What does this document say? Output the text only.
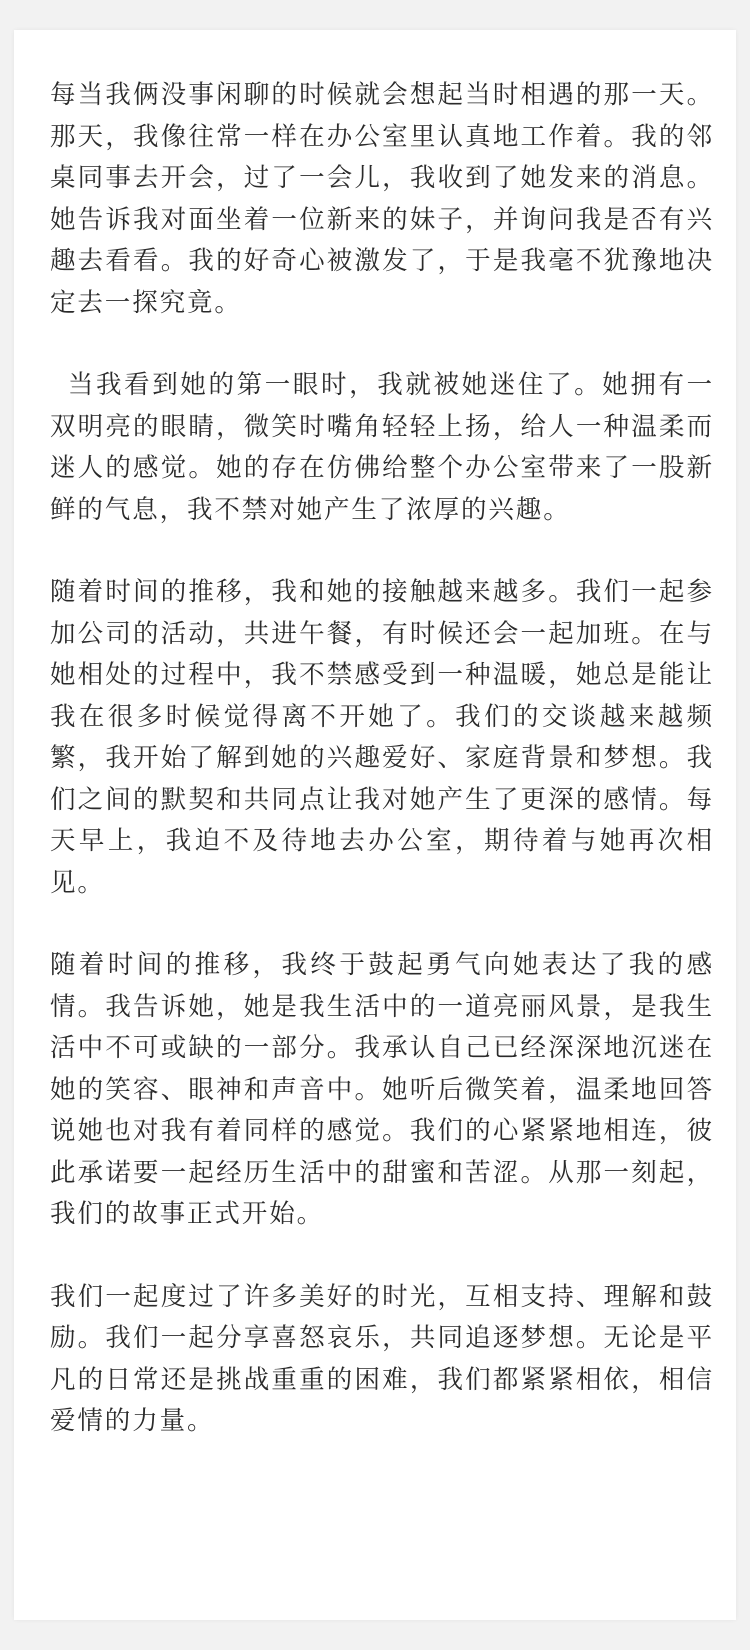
每当我俩没事闲聊的时候就会想起当时相遇的那一天。那天，我像往常一样在办公室里认真地工作着。我的邻桌同事去开会，过了一会儿，我收到了她发来的消息。她告诉我对面坐着一位新来的妹子，并询问我是否有兴趣去看看。我的好奇心被激发了，于是我毫不犹豫地决定去一探究竟。

当我看到她的第一眼时，我就被她迷住了。她拥有一双明亮的眼睛，微笑时嘴角轻轻上扬，给人一种温柔而迷人的感觉。她的存在仿佛给整个办公室带来了一股新鲜的气息，我不禁对她产生了浓厚的兴趣。

随着时间的推移，我和她的接触越来越多。我们一起参加公司的活动，共进午餐，有时候还会一起加班。在与她相处的过程中，我不禁感受到一种温暖，她总是能让我在很多时候觉得离不开她了。我们的交谈越来越频繁，我开始了解到她的兴趣爱好、家庭背景和梦想。我们之间的默契和共同点让我对她产生了更深的感情。每天早上，我迫不及待地去办公室，期待着与她再次相见。

随着时间的推移，我终于鼓起勇气向她表达了我的感情。我告诉她，她是我生活中的一道亮丽风景，是我生活中不可或缺的一部分。我承认自己已经深深地沉迷在她的笑容、眼神和声音中。她听后微笑着，温柔地回答说她也对我有着同样的感觉。我们的心紧紧地相连，彼此承诺要一起经历生活中的甜蜜和苦涩。从那一刻起，我们的故事正式开始。

我们一起度过了许多美好的时光，互相支持、理解和鼓励。我们一起分享喜怒哀乐，共同追逐梦想。无论是平凡的日常还是挑战重重的困难，我们都紧紧相依，相信爱情的力量。
